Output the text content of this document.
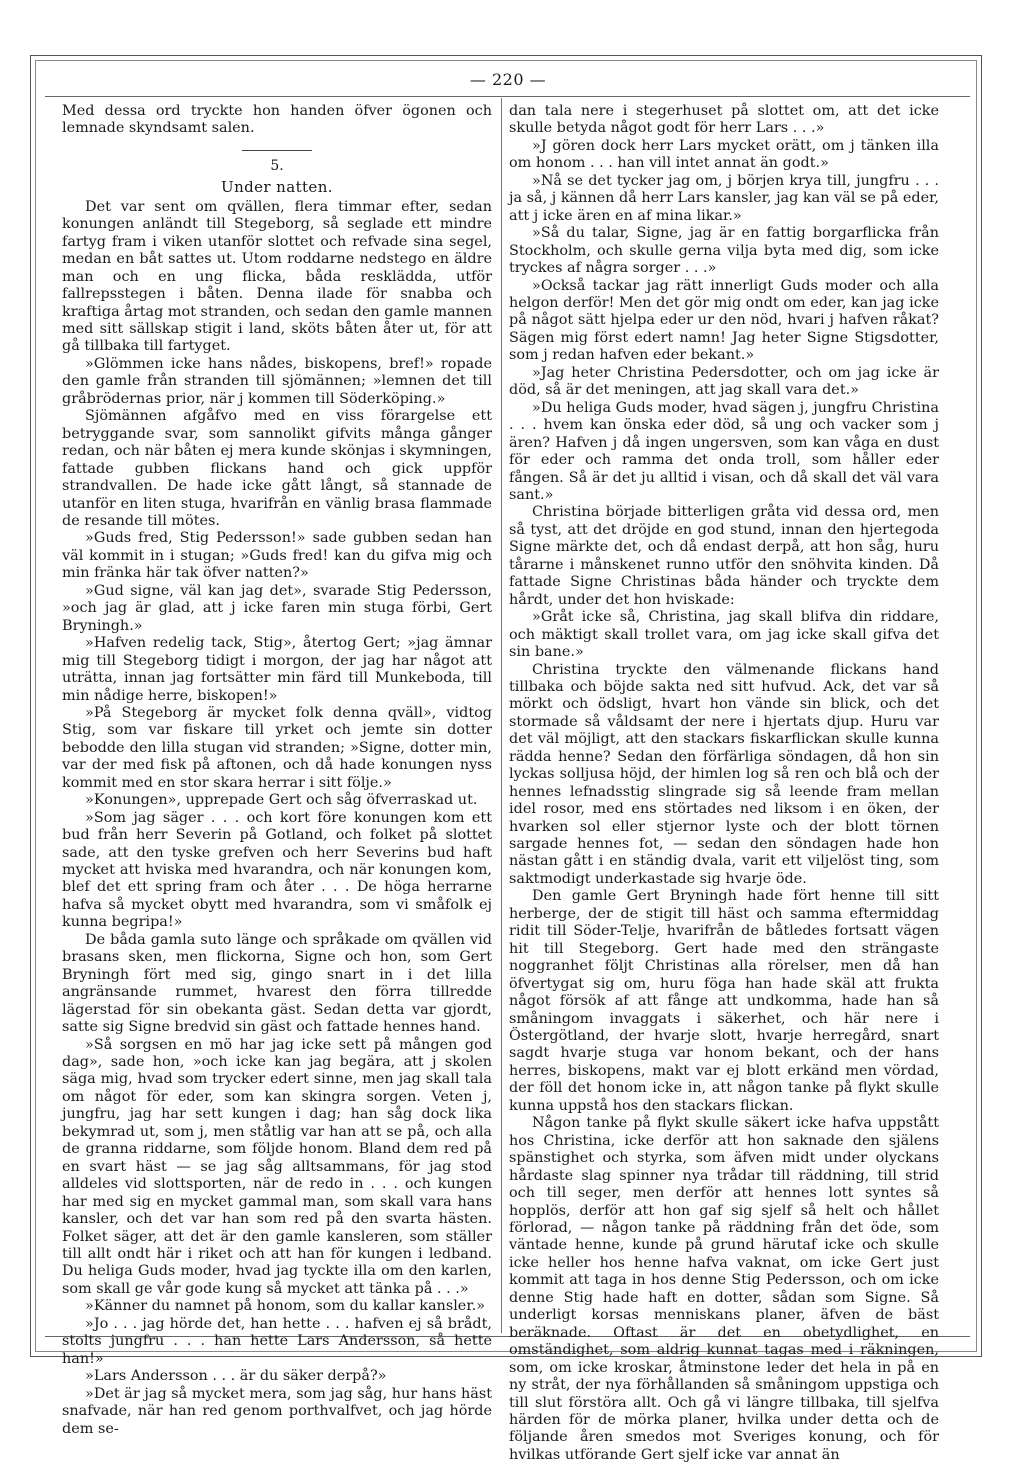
— 220 —

Med dessa ord tryckte hon handen öfver ögonen och lemnade skyndsamt salen.

5.
Under natten.

Det var sent om qvällen, flera timmar efter, sedan konungen anländt till Stegeborg, så seglade ett mindre fartyg fram i viken utanför slottet och refvade sina segel, medan en båt sattes ut. Utom roddarne nedstego en äldre man och en ung flicka, båda resklädda, utför fallrepsstegen i båten. Denna ilade för snabba och kraftiga årtag mot stranden, och sedan den gamle mannen med sitt sällskap stigit i land, sköts båten åter ut, för att gå tillbaka till fartyget.

»Glömmen icke hans nådes, biskopens, bref!» ropade den gamle från stranden till sjömännen; »lemnen det till gråbrödernas prior, när j kommen till Söderköping.»

Sjömännen afgåfvo med en viss förargelse ett betryggande svar, som sannolikt gifvits många gånger redan, och när båten ej mera kunde skönjas i skymningen, fattade gubben flickans hand och gick uppför strandvallen. De hade icke gått långt, så stannade de utanför en liten stuga, hvarifrån en vänlig brasa flammade de resande till mötes.

»Guds fred, Stig Pedersson!» sade gubben sedan han väl kommit in i stugan; »Guds fred! kan du gifva mig och min fränka här tak öfver natten?»

»Gud signe, väl kan jag det», svarade Stig Pedersson, »och jag är glad, att j icke faren min stuga förbi, Gert Bryningh.»

»Hafven redelig tack, Stig», återtog Gert; »jag ämnar mig till Stegeborg tidigt i morgon, der jag har något att uträtta, innan jag fortsätter min färd till Munkeboda, till min nådige herre, biskopen!»

»På Stegeborg är mycket folk denna qväll», vidtog Stig, som var fiskare till yrket och jemte sin dotter bebodde den lilla stugan vid stranden; »Signe, dotter min, var der med fisk på aftonen, och då hade konungen nyss kommit med en stor skara herrar i sitt följe.»

»Konungen», upprepade Gert och såg öfverraskad ut.

»Som jag säger . . . och kort före konungen kom ett bud från herr Severin på Gotland, och folket på slottet sade, att den tyske grefven och herr Severins bud haft mycket att hviska med hvarandra, och när konungen kom, blef det ett spring fram och åter . . . De höga herrarne hafva så mycket obytt med hvarandra, som vi småfolk ej kunna begripa!»

De båda gamla suto länge och språkade om qvällen vid brasans sken, men flickorna, Signe och hon, som Gert Bryningh fört med sig, gingo snart in i det lilla angränsande rummet, hvarest den förra tillredde lägerstad för sin obekanta gäst. Sedan detta var gjordt, satte sig Signe bredvid sin gäst och fattade hennes hand.

»Så sorgsen en mö har jag icke sett på mången god dag», sade hon, »och icke kan jag begära, att j skolen säga mig, hvad som trycker edert sinne, men jag skall tala om något för eder, som kan skingra sorgen. Veten j, jungfru, jag har sett kungen i dag; han såg dock lika bekymrad ut, som j, men ståtlig var han att se på, och alla de granna riddarne, som följde honom. Bland dem red på en svart häst — se jag såg alltsammans, för jag stod alldeles vid slottsporten, när de redo in . . . och kungen har med sig en mycket gammal man, som skall vara hans kansler, och det var han som red på den svarta hästen. Folket säger, att det är den gamle kansleren, som ställer till allt ondt här i riket och att han för kungen i ledband. Du heliga Guds moder, hvad jag tyckte illa om den karlen, som skall ge vår gode kung så mycket att tänka på . . .»

»Känner du namnet på honom, som du kallar kansler.»

»Jo . . . jag hörde det, han hette . . . hafven ej så brådt, stolts jungfru . . . han hette Lars Andersson, så hette han!»

»Lars Andersson . . . är du säker derpå?»

»Det är jag så mycket mera, som jag såg, hur hans häst snafvade, när han red genom porthvalfvet, och jag hörde dem se-

dan tala nere i stegerhuset på slottet om, att det icke skulle betyda något godt för herr Lars . . .»

»J gören dock herr Lars mycket orätt, om j tänken illa om honom . . . han vill intet annat än godt.»

»Nå se det tycker jag om, j börjen krya till, jungfru . . . ja så, j kännen då herr Lars kansler, jag kan väl se på eder, att j icke ären en af mina likar.»

»Så du talar, Signe, jag är en fattig borgarflicka från Stockholm, och skulle gerna vilja byta med dig, som icke tryckes af några sorger . . .»

»Också tackar jag rätt innerligt Guds moder och alla helgon derför! Men det gör mig ondt om eder, kan jag icke på något sätt hjelpa eder ur den nöd, hvari j hafven råkat? Sägen mig först edert namn! Jag heter Signe Stigsdotter, som j redan hafven eder bekant.»

»Jag heter Christina Pedersdotter, och om jag icke är död, så är det meningen, att jag skall vara det.»

»Du heliga Guds moder, hvad sägen j, jungfru Christina . . . hvem kan önska eder död, så ung och vacker som j ären? Hafven j då ingen ungersven, som kan våga en dust för eder och ramma det onda troll, som håller eder fången. Så är det ju alltid i visan, och då skall det väl vara sant.»

Christina började bitterligen gråta vid dessa ord, men så tyst, att det dröjde en god stund, innan den hjertegoda Signe märkte det, och då endast derpå, att hon såg, huru tårarne i månskenet runno utför den snöhvita kinden. Då fattade Signe Christinas båda händer och tryckte dem hårdt, under det hon hviskade:

»Gråt icke så, Christina, jag skall blifva din riddare, och mäktigt skall trollet vara, om jag icke skall gifva det sin bane.»

Christina tryckte den välmenande flickans hand tillbaka och böjde sakta ned sitt hufvud. Ack, det var så mörkt och ödsligt, hvart hon vände sin blick, och det stormade så våldsamt der nere i hjertats djup. Huru var det väl möjligt, att den stackars fiskarflickan skulle kunna rädda henne? Sedan den förfärliga söndagen, då hon sin lyckas solljusa höjd, der himlen log så ren och blå och der hennes lefnadsstig slingrade sig så leende fram mellan idel rosor, med ens störtades ned liksom i en öken, der hvarken sol eller stjernor lyste och der blott törnen sargade hennes fot, — sedan den söndagen hade hon nästan gått i en ständig dvala, varit ett viljelöst ting, som saktmodigt underkastade sig hvarje öde.

Den gamle Gert Bryningh hade fört henne till sitt herberge, der de stigit till häst och samma eftermiddag ridit till Söder-Telje, hvarifrån de båtledes fortsatt vägen hit till Stegeborg. Gert hade med den strängaste noggranhet följt Christinas alla rörelser, men då han öfvertygat sig om, huru föga han hade skäl att frukta något försök af att fånge att undkomma, hade han så småningom invaggats i säkerhet, och här nere i Östergötland, der hvarje slott, hvarje herregård, snart sagdt hvarje stuga var honom bekant, och der hans herres, biskopens, makt var ej blott erkänd men vördad, der föll det honom icke in, att någon tanke på flykt skulle kunna uppstå hos den stackars flickan.

Någon tanke på flykt skulle säkert icke hafva uppstått hos Christina, icke derför att hon saknade den själens spänstighet och styrka, som äfven midt under olyckans hårdaste slag spinner nya trådar till räddning, till strid och till seger, men derför att hennes lott syntes så hopplös, derför att hon gaf sig sjelf så helt och hållet förlorad, — någon tanke på räddning från det öde, som väntade henne, kunde på grund härutaf icke och skulle icke heller hos henne hafva vaknat, om icke Gert just kommit att taga in hos denne Stig Pedersson, och om icke denne Stig hade haft en dotter, sådan som Signe. Så underligt korsas menniskans planer, äfven de bäst beräknade. Oftast är det en obetydlighet, en omständighet, som aldrig kunnat tagas med i räkningen, som, om icke kroskar, åtminstone leder det hela in på en ny stråt, der nya förhållanden så småningom uppstiga och till slut förstöra allt. Och gå vi längre tillbaka, till sjelfva härden för de mörka planer, hvilka under detta och de följande åren smedos mot Sveriges konung, och för hvilkas utförande Gert sjelf icke var annat än
